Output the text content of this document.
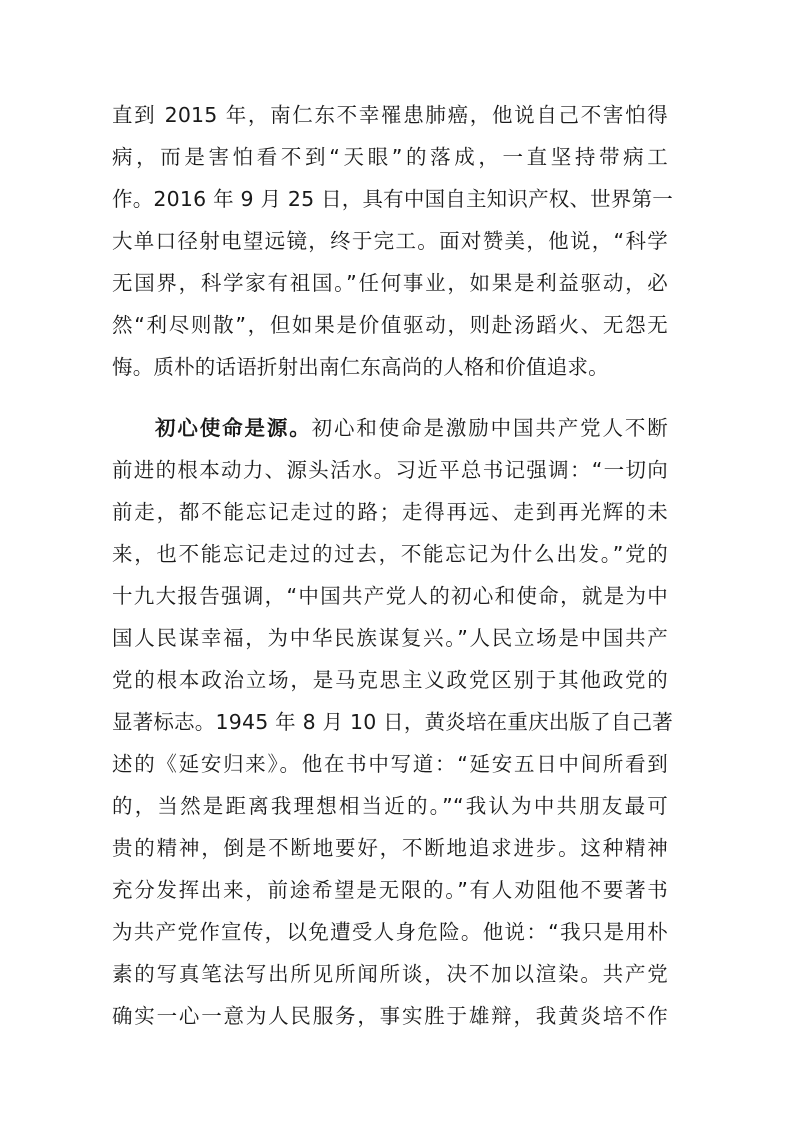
直到 2015 年，南仁东不幸罹患肺癌，他说自己不害怕得
病，而是害怕看不到“天眼”的落成，一直坚持带病工
作。2016 年 9 月 25 日，具有中国自主知识产权、世界第一
大单口径射电望远镜，终于完工。面对赞美，他说，“科学
无国界，科学家有祖国。”任何事业，如果是利益驱动，必
然“利尽则散”，但如果是价值驱动，则赴汤蹈火、无怨无
悔。质朴的话语折射出南仁东高尚的人格和价值追求。
初心使命是源。初心和使命是激励中国共产党人不断
前进的根本动力、源头活水。习近平总书记强调：“一切向
前走，都不能忘记走过的路；走得再远、走到再光辉的未
来，也不能忘记走过的过去，不能忘记为什么出发。”党的
十九大报告强调，“中国共产党人的初心和使命，就是为中
国人民谋幸福，为中华民族谋复兴。”人民立场是中国共产
党的根本政治立场，是马克思主义政党区别于其他政党的
显著标志。1945 年 8 月 10 日，黄炎培在重庆出版了自己著
述的《延安归来》。他在书中写道：“延安五日中间所看到
的，当然是距离我理想相当近的。”“我认为中共朋友最可
贵的精神，倒是不断地要好，不断地追求进步。这种精神
充分发挥出来，前途希望是无限的。”有人劝阻他不要著书
为共产党作宣传，以免遭受人身危险。他说：“我只是用朴
素的写真笔法写出所见所闻所谈，决不加以渲染。共产党
确实一心一意为人民服务，事实胜于雄辩，我黄炎培不作
